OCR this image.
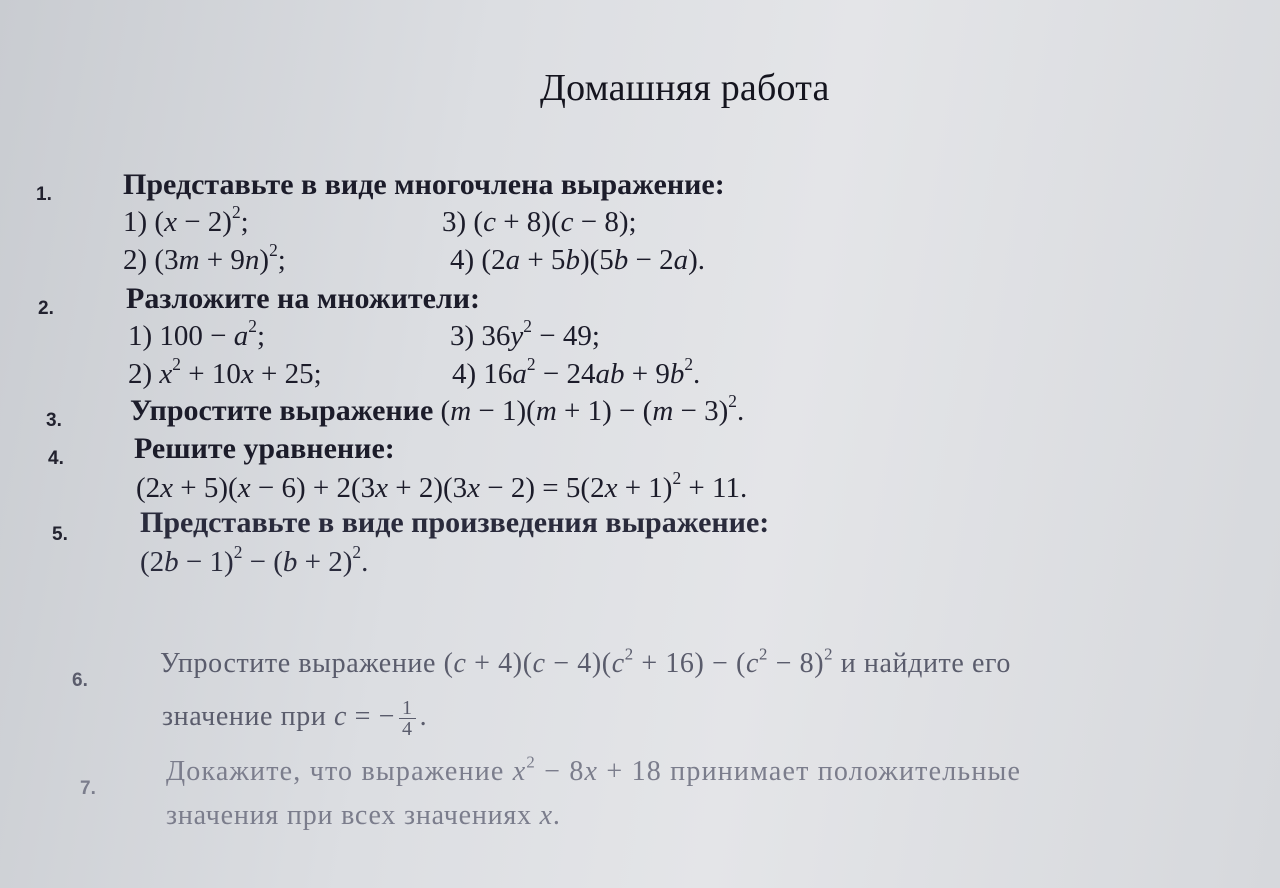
Домашняя работа
1. Представьте в виде многочлена выражение:
1) $(x - 2)^2$;
2) $(3m + 9n)^2$;
3) (c + 8)(c − 8);
4) (2a + 5b)(5b − 2a).
2. Разложите на множители:
1) $100 - a^2$;
2) $x^2 + 10x + 25$;
3) $36y^2 - 49$;
4) $16a^2 - 24ab + 9b^2$.
3. Упростите выражение $(m - 1)(m + 1) - (m - 3)^2$.
4. Решите уравнение:
$(2x + 5)(x - 6) + 2(3x + 2)(3x - 2) = 5(2x + 1)^2 + 11$.
5. Представьте в виде произведения выражение:
$(2b - 1)^2 - (b + 2)^2$.
6.
Упростите выражение $(c + 4)(c - 4)(c^2 + 16) - (c^2 - 8)^2$ и найдите его
значение при c = − $\frac{1}{4}$ .
7.
Докажите, что выражение $x^2 - 8x + 18$ принимает положительные
значения при всех значениях x.
